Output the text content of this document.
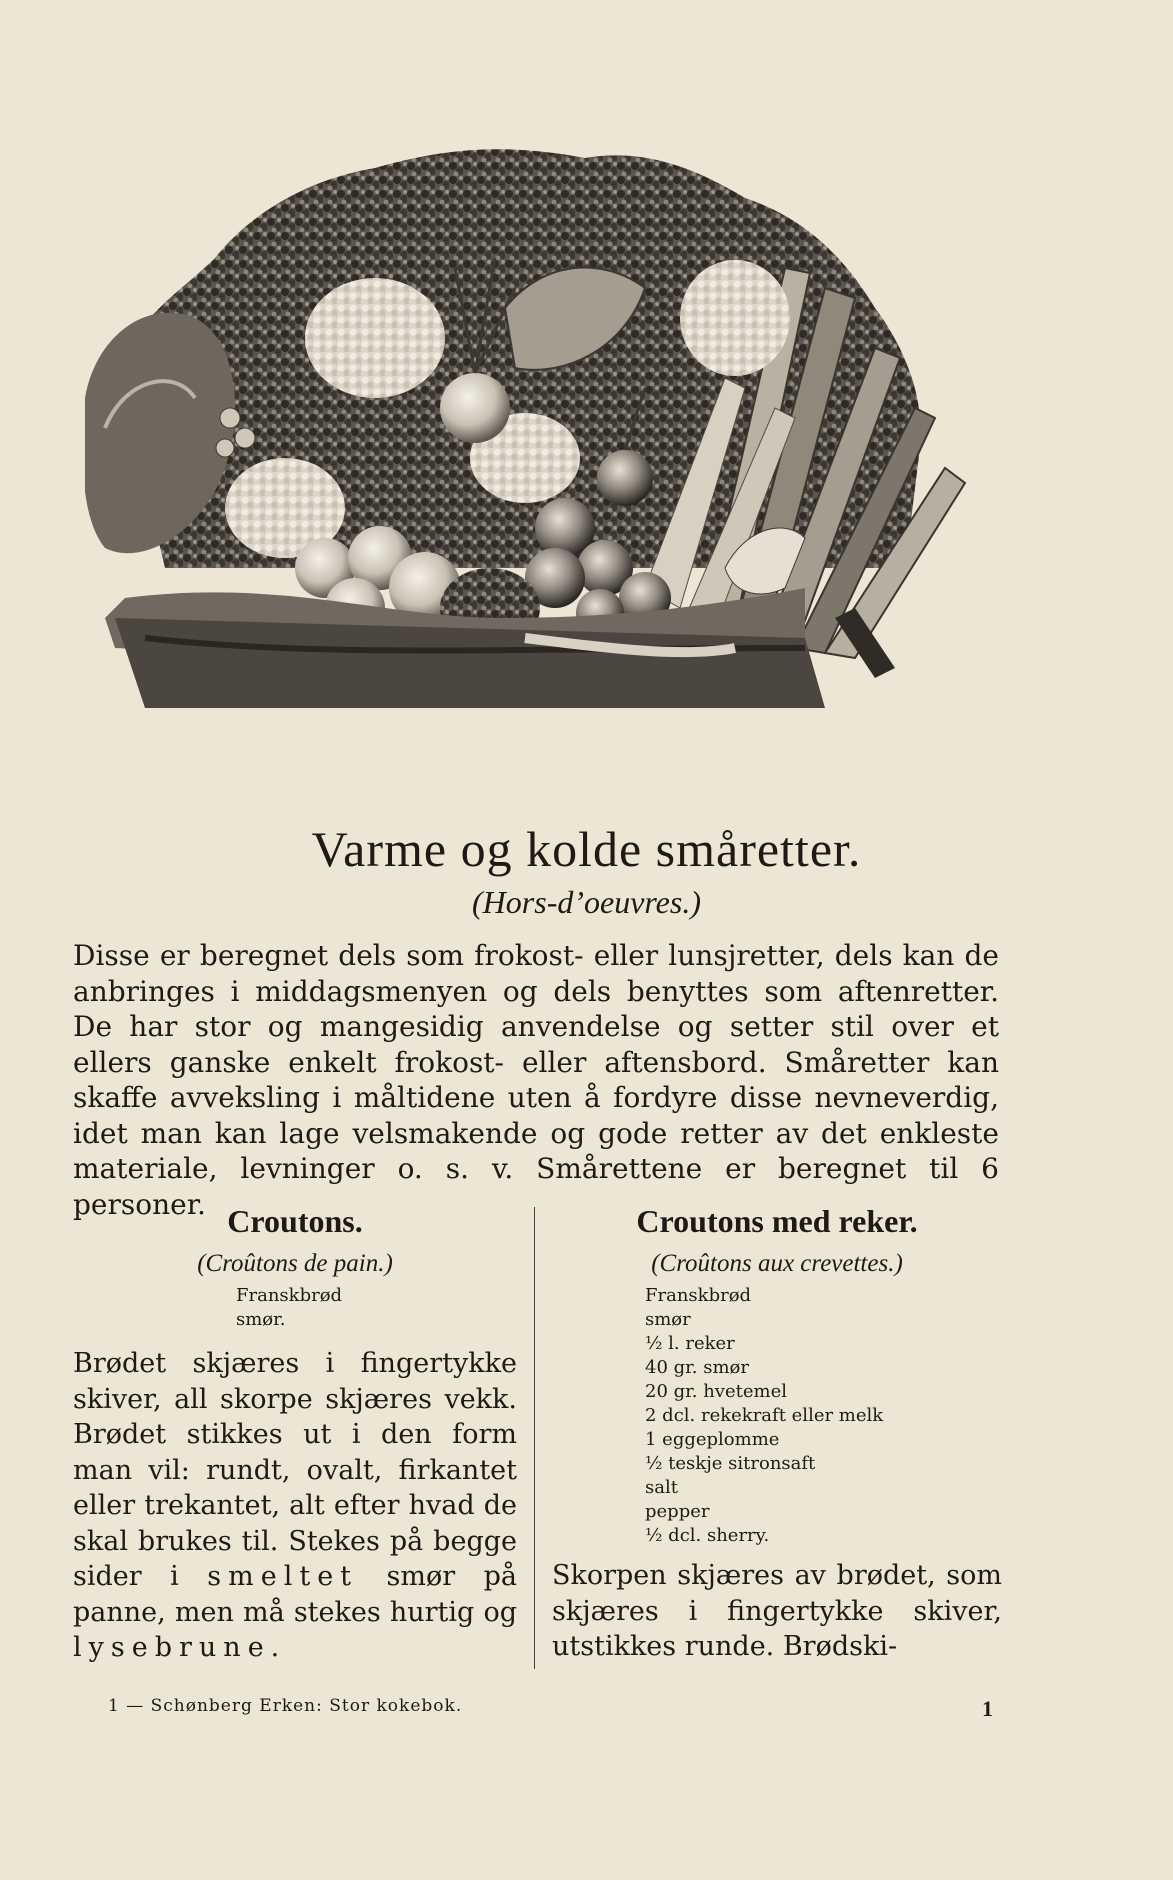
Varme og kolde småretter.
(Hors-d’oeuvres.)
Disse er beregnet dels som frokost- eller lunsjretter, dels kan de anbringes i middagsmenyen og dels benyttes som aftenretter. De har stor og mangesidig anvendelse og setter stil over et ellers ganske enkelt frokost- eller aftensbord. Småretter kan skaffe avveksling i måltidene uten å fordyre disse nevneverdig, idet man kan lage velsmakende og gode retter av det enkleste materiale, levninger o. s. v. Smårettene er beregnet til 6 personer. Croutons.
(Croûtons de pain.)
Franskbrød
smør.
Brødet skjæres i fingertykke skiver, all skorpe skjæres vekk. Brødet stikkes ut i den form man vil: rundt, ovalt, firkantet eller trekantet, alt efter hvad de skal brukes til. Stekes på begge sider i smeltet smør på panne, men må stekes hurtig og lysebrune.
Croutons med reker.
(Croûtons aux crevettes.)
Franskbrød
smør
½ l. reker
40 gr. smør
20 gr. hvetemel
2 dcl. rekekraft eller melk
1 eggeplomme
½ teskje sitronsaft
salt
pepper
½ dcl. sherry.
Skorpen skjæres av brødet, som skjæres i fingertykke skiver, utstikkes runde. Brødski-
1 — Schønberg Erken: Stor kokebok.	1
